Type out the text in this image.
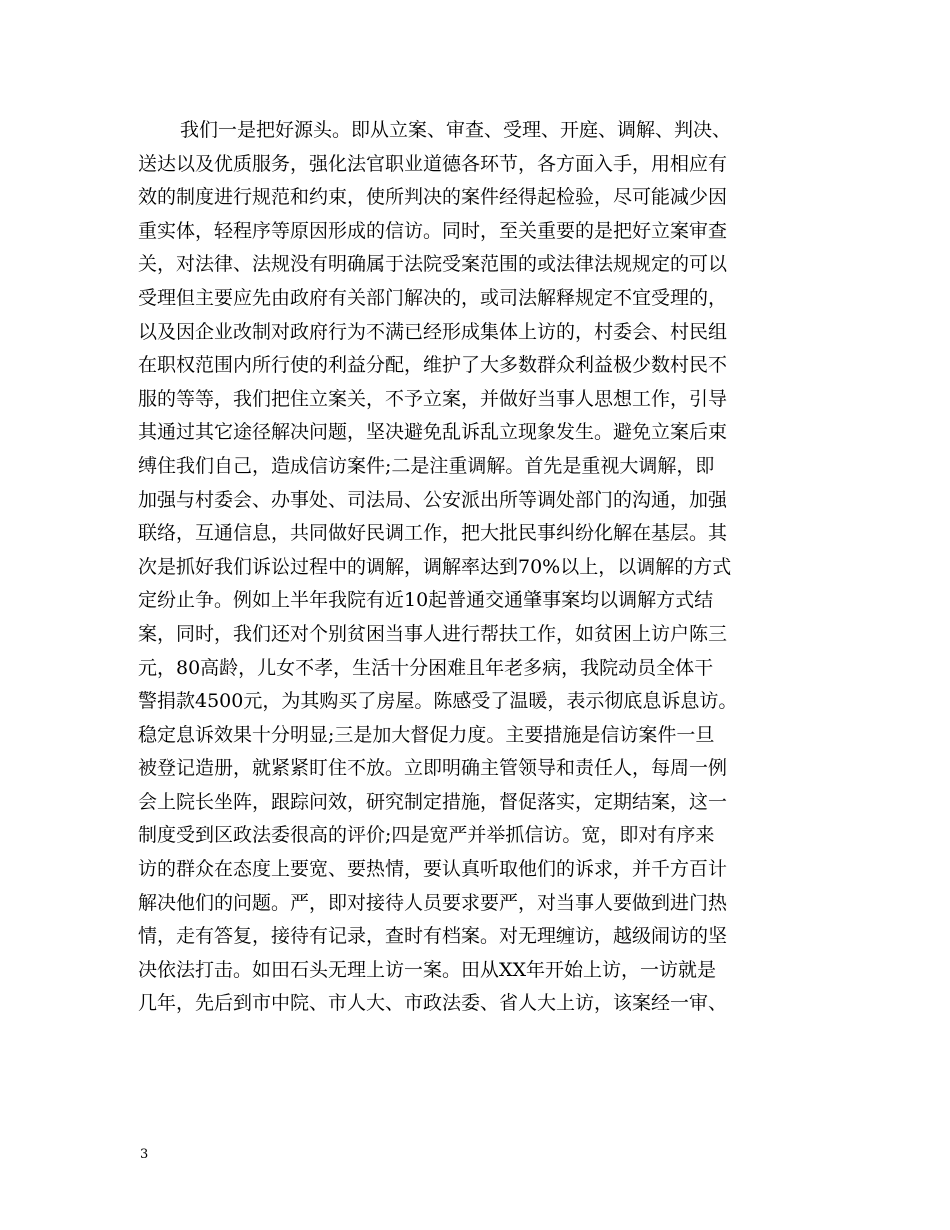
我们一是把好源头。即从立案、审查、受理、开庭、调解、判决、
送达以及优质服务，强化法官职业道德各环节，各方面入手，用相应有
效的制度进行规范和约束，使所判决的案件经得起检验，尽可能减少因
重实体，轻程序等原因形成的信访。同时，至关重要的是把好立案审查
关，对法律、法规没有明确属于法院受案范围的或法律法规规定的可以
受理但主要应先由政府有关部门解决的，或司法解释规定不宜受理的，
以及因企业改制对政府行为不满已经形成集体上访的，村委会、村民组
在职权范围内所行使的利益分配，维护了大多数群众利益极少数村民不
服的等等，我们把住立案关，不予立案，并做好当事人思想工作，引导
其通过其它途径解决问题，坚决避免乱诉乱立现象发生。避免立案后束
缚住我们自己，造成信访案件;二是注重调解。首先是重视大调解，即
加强与村委会、办事处、司法局、公安派出所等调处部门的沟通，加强
联络，互通信息，共同做好民调工作，把大批民事纠纷化解在基层。其
次是抓好我们诉讼过程中的调解，调解率达到70%以上，以调解的方式
定纷止争。例如上半年我院有近10起普通交通肇事案均以调解方式结
案，同时，我们还对个别贫困当事人进行帮扶工作，如贫困上访户陈三
元，80高龄，儿女不孝，生活十分困难且年老多病，我院动员全体干
警捐款4500元，为其购买了房屋。陈感受了温暖，表示彻底息诉息访。
稳定息诉效果十分明显;三是加大督促力度。主要措施是信访案件一旦
被登记造册，就紧紧盯住不放。立即明确主管领导和责任人，每周一例
会上院长坐阵，跟踪问效，研究制定措施，督促落实，定期结案，这一
制度受到区政法委很高的评价;四是宽严并举抓信访。宽，即对有序来
访的群众在态度上要宽、要热情，要认真听取他们的诉求，并千方百计
解决他们的问题。严，即对接待人员要求要严，对当事人要做到进门热
情，走有答复，接待有记录，查时有档案。对无理缠访，越级闹访的坚
决依法打击。如田石头无理上访一案。田从XX年开始上访，一访就是
几年，先后到市中院、市人大、市政法委、省人大上访，该案经一审、

3
